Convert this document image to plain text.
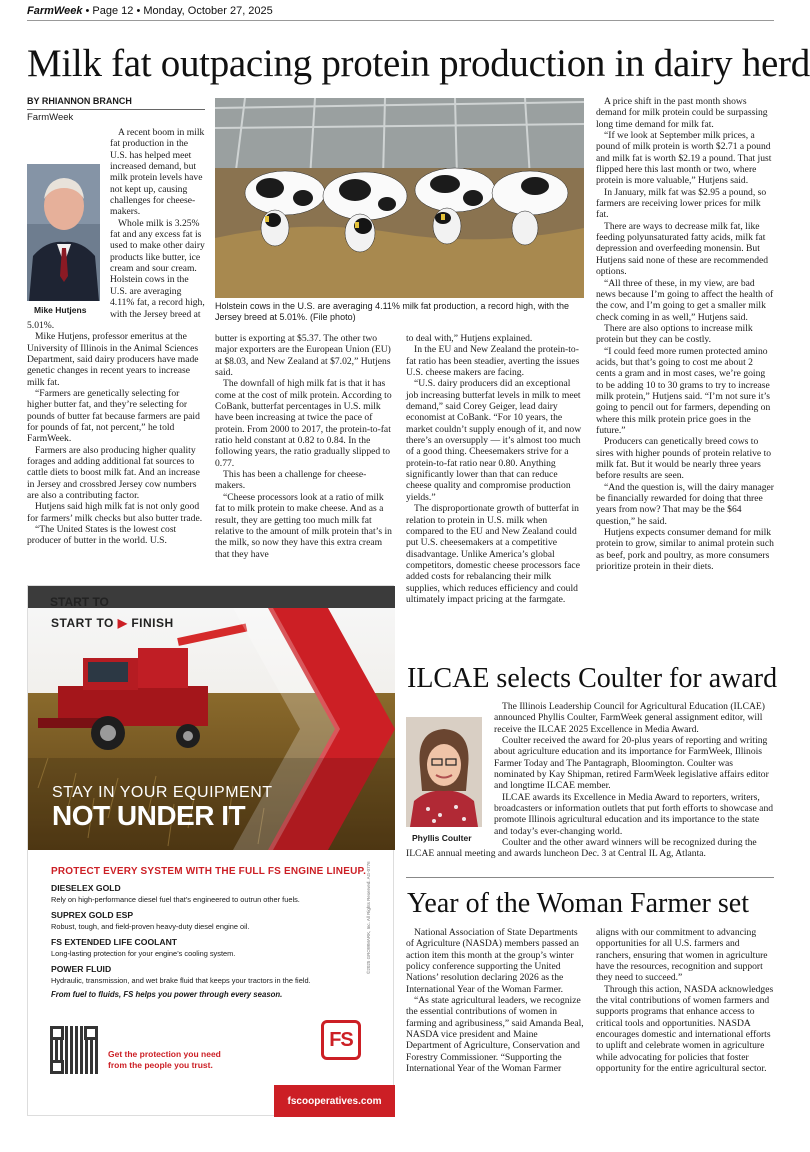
FarmWeek • Page 12 • Monday, October 27, 2025
Milk fat outpacing protein production in dairy herd
BY RHIANNON BRANCH
FarmWeek
Mike Hutjens

A recent boom in milk fat production in the U.S. has helped meet increased demand, but milk protein levels have not kept up, causing challenges for cheese-makers.

Whole milk is 3.25% fat and any excess fat is used to make other dairy products like butter, ice cream and sour cream. Holstein cows in the U.S. are averaging 4.11% fat, a record high, with the Jersey breed at 5.01%.

Mike Hutjens, professor emeritus at the University of Illinois in the Animal Sciences Department, said dairy producers have made genetic changes in recent years to increase milk fat.

“Farmers are genetically selecting for higher butter fat, and they’re selecting for pounds of butter fat because farmers are paid for pounds of fat, not percent,” he told FarmWeek.

Farmers are also producing higher quality forages and adding additional fat sources to cattle diets to boost milk fat. And an increase in Jersey and crossbred Jersey cow numbers are also a contributing factor.

Hutjens said high milk fat is not only good for farmers’ milk checks but also butter trade.

“The United States is the lowest cost producer of butter in the world. U.S.

Holstein cows in the U.S. are averaging 4.11% milk fat production, a record high, with the Jersey breed at 5.01%. (File photo)

butter is exporting at $5.37. The other two major exporters are the European Union (EU) at $8.03, and New Zealand at $7.02,” Hutjens said.

The downfall of high milk fat is that it has come at the cost of milk protein. According to CoBank, butterfat percentages in U.S. milk have been increasing at twice the pace of protein. From 2000 to 2017, the protein-to-fat ratio held constant at 0.82 to 0.84. In the following years, the ratio gradually slipped to 0.77.

This has been a challenge for cheese-makers.

“Cheese processors look at a ratio of milk fat to milk protein to make cheese. And as a result, they are getting too much milk fat relative to the amount of milk protein that’s in the milk, so now they have this extra cream that they have

to deal with,” Hutjens explained.

In the EU and New Zealand the protein-to-fat ratio has been steadier, averting the issues U.S. cheese makers are facing.

“U.S. dairy producers did an exceptional job increasing butterfat levels in milk to meet demand,” said Corey Geiger, lead dairy economist at CoBank. “For 10 years, the market couldn’t supply enough of it, and now there’s an oversupply — it’s almost too much of a good thing. Cheesemakers strive for a protein-to-fat ratio near 0.80. Anything significantly lower than that can reduce cheese quality and compromise production yields.”

The disproportionate growth of butterfat in relation to protein in U.S. milk when compared to the EU and New Zealand could put U.S. cheesemakers at a competitive disadvantage. Unlike America’s global competitors, domestic cheese processors face added costs for rebalancing their milk supplies, which reduces efficiency and could ultimately impact pricing at the farmgate.

A price shift in the past month shows demand for milk protein could be surpassing long time demand for milk fat.

“If we look at September milk prices, a pound of milk protein is worth $2.71 a pound and milk fat is worth $2.19 a pound. That just flipped here this last month or two, where protein is more valuable,” Hutjens said.

In January, milk fat was $2.95 a pound, so farmers are receiving lower prices for milk fat.

There are ways to decrease milk fat, like feeding polyunsaturated fatty acids, milk fat depression and overfeeding monensin. But Hutjens said none of these are recommended options.

“All three of these, in my view, are bad news because I’m going to affect the health of the cow, and I’m going to get a smaller milk check coming in as well,” Hutjens said.

There are also options to increase milk protein but they can be costly.

“I could feed more rumen protected amino acids, but that’s going to cost me about 2 cents a gram and in most cases, we’re going to be adding 10 to 30 grams to try to increase milk protein,” Hutjens said. “I’m not sure it’s going to pencil out for farmers, depending on where this milk protein price goes in the future.”

Producers can genetically breed cows to sires with higher pounds of protein relative to milk fat. But it would be nearly three years before results are seen.

“And the question is, will the dairy manager be financially rewarded for doing that three years from now? That may be the $64 question,” he said.

Hutjens expects consumer demand for milk protein to grow, similar to animal protein such as beef, pork and poultry, as more consumers prioritize protein in their diets.

START TO
START TO ▶ FINISH
STAY IN YOUR EQUIPMENT
NOT UNDER IT
PROTECT EVERY SYSTEM WITH THE FULL FS ENGINE LINEUP.
DIESELEX GOLD
Rely on high-performance diesel fuel that’s engineered to outrun other fuels.
SUPREX GOLD ESP
Robust, tough, and field-proven heavy-duty diesel engine oil.
FS EXTENDED LIFE COOLANT
Long-lasting protection for your engine’s cooling system.
POWER FLUID
Hydraulic, transmission, and wet brake fluid that keeps your tractors in the field.
From fuel to fluids, FS helps you power through every season.
Get the protection you need from the people you trust.
FS
©2025 GROWMARK, Inc. All Rights Reserved. AG-0776
fscooperatives.com
ILCAE selects Coulter for award
Phyllis Coulter

The Illinois Leadership Council for Agricultural Education (ILCAE) announced Phyllis Coulter, FarmWeek general assignment editor, will receive the ILCAE 2025 Excellence in Media Award.

Coulter received the award for 20-plus years of reporting and writing about agriculture education and its importance for FarmWeek, Illinois Farmer Today and The Pantagraph, Bloomington. Coulter was nominated by Kay Shipman, retired FarmWeek legislative affairs editor and longtime ILCAE member.

ILCAE awards its Excellence in Media Award to reporters, writers, broadcasters or information outlets that put forth efforts to showcase and promote Illinois agricultural education and its importance to the state and today’s ever-changing world.

Coulter and the other award winners will be recognized during the ILCAE annual meeting and awards luncheon Dec. 3 at Central IL Ag, Atlanta.

Year of the Woman Farmer set

National Association of State Departments of Agriculture (NASDA) members passed an action item this month at the group’s winter policy conference supporting the United Nations’ resolution declaring 2026 as the International Year of the Woman Farmer.

“As state agricultural leaders, we recognize the essential contributions of women in farming and agribusiness,” said Amanda Beal, NASDA vice president and Maine Department of Agriculture, Conservation and Forestry Commissioner. “Supporting the International Year of the Woman Farmer

aligns with our commitment to advancing opportunities for all U.S. farmers and ranchers, ensuring that women in agriculture have the resources, recognition and support they need to succeed.”

Through this action, NASDA acknowledges the vital contributions of women farmers and supports programs that enhance access to critical tools and opportunities. NASDA encourages domestic and international efforts to uplift and celebrate women in agriculture while advocating for policies that foster opportunity for the entire agricultural sector.
